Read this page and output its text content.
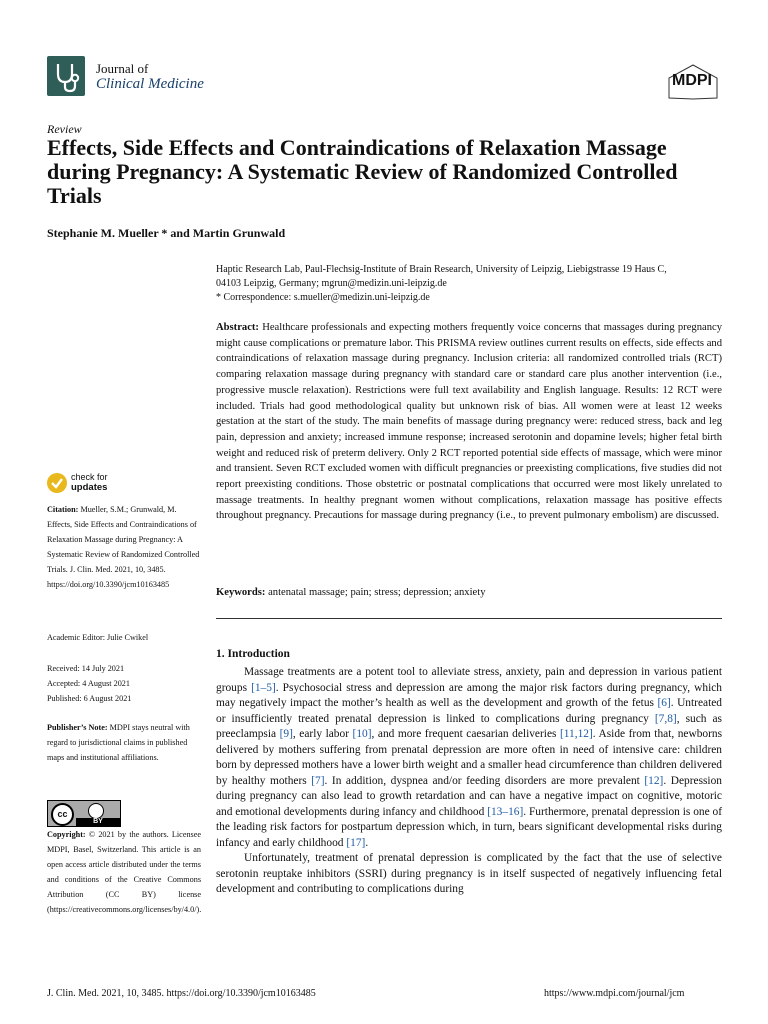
Journal of
Clinical Medicine	MDPI
Review
Effects, Side Effects and Contraindications of Relaxation Massage during Pregnancy: A Systematic Review of Randomized Controlled Trials
Stephanie M. Mueller * and Martin Grunwald
Haptic Research Lab, Paul-Flechsig-Institute of Brain Research, University of Leipzig, Liebigstrasse 19 Haus C,
04103 Leipzig, Germany; mgrun@medizin.uni-leipzig.de
* Correspondence: s.mueller@medizin.uni-leipzig.de
Abstract: Healthcare professionals and expecting mothers frequently voice concerns that massages during pregnancy might cause complications or premature labor. This PRISMA review outlines current results on effects, side effects and contraindications of relaxation massage during pregnancy. Inclusion criteria: all randomized controlled trials (RCT) comparing relaxation massage during pregnancy with standard care or standard care plus another intervention (i.e., progressive muscle relaxation). Restrictions were full text availability and English language. Results: 12 RCT were included. Trials had good methodological quality but unknown risk of bias. All women were at least 12 weeks gestation at the start of the study. The main benefits of massage during pregnancy were: reduced stress, back and leg pain, depression and anxiety; increased immune response; increased serotonin and dopamine levels; higher fetal birth weight and reduced risk of preterm delivery. Only 2 RCT reported potential side effects of massage, which were minor and transient. Seven RCT excluded women with difficult pregnancies or preexisting complications, five studies did not report preexisting conditions. Those obstetric or postnatal complications that occurred were most likely unrelated to massage treatments. In healthy pregnant women without complications, relaxation massage has positive effects throughout pregnancy. Precautions for massage during pregnancy (i.e., to prevent pulmonary embolism) are discussed.
Keywords: antenatal massage; pain; stress; depression; anxiety
check for
updates
Citation: Mueller, S.M.; Grunwald, M. Effects, Side Effects and Contraindications of Relaxation Massage during Pregnancy: A Systematic Review of Randomized Controlled Trials. J. Clin. Med. 2021, 10, 3485. https://doi.org/10.3390/jcm10163485
Academic Editor: Julie Cwikel
Received: 14 July 2021
Accepted: 4 August 2021
Published: 6 August 2021
Publisher’s Note: MDPI stays neutral with regard to jurisdictional claims in published maps and institutional affiliations.
cc
BY
Copyright: © 2021 by the authors. Licensee MDPI, Basel, Switzerland. This article is an open access article distributed under the terms and conditions of the Creative Commons Attribution (CC BY) license (https://creativecommons.org/licenses/by/4.0/).
1. Introduction

Massage treatments are a potent tool to alleviate stress, anxiety, pain and depression in various patient groups [1–5]. Psychosocial stress and depression are among the major risk factors during pregnancy, which may negatively impact the mother’s health as well as the development and growth of the fetus [6]. Untreated or insufficiently treated prenatal depression is linked to complications during pregnancy [7,8], such as preeclampsia [9], early labor [10], and more frequent caesarian deliveries [11,12]. Aside from that, newborns delivered by mothers suffering from prenatal depression are more often in need of intensive care: children born by depressed mothers have a lower birth weight and a smaller head circumference than children delivered by healthy mothers [7]. In addition, dyspnea and/or feeding disorders are more prevalent [12]. Depression during pregnancy can also lead to growth retardation and can have a negative impact on cognitive, motoric and emotional developments during infancy and childhood [13–16]. Furthermore, prenatal depression is one of the leading risk factors for postpartum depression which, in turn, bears significant developmental risks during infancy and early childhood [17].

Unfortunately, treatment of prenatal depression is complicated by the fact that the use of selective serotonin reuptake inhibitors (SSRI) during pregnancy is in itself suspected of negatively influencing fetal development and contributing to complications during

J. Clin. Med. 2021, 10, 3485. https://doi.org/10.3390/jcm10163485	https://www.mdpi.com/journal/jcm
